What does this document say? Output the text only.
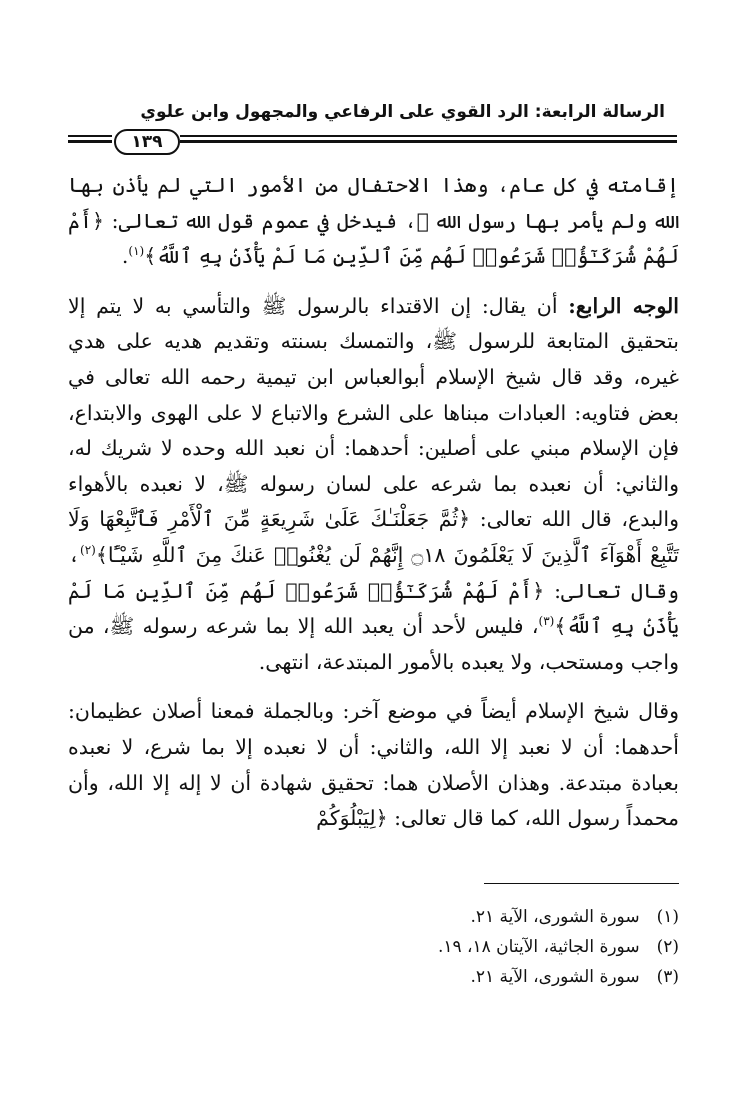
الرسالة الرابعة: الرد القوي على الرفاعي والمجهول وابن علوي
١٣٩

إقامته في كل عام، وهذا الاحتفال من الأمور التي لم يأذن بها الله ولم يأمر بها رسول الله ﷺ، فيدخل في عموم قول الله تعالى: ﴿أَمْ لَهُمْ شُرَكَـٰٓؤُا۟ شَرَعُوا۟ لَهُم مِّنَ ٱلدِّينِ مَا لَمْ يَأْذَنۢ بِهِ ٱللَّهُ﴾$^{(١)}$.

الوجه الرابع: أن يقال: إن الاقتداء بالرسول ﷺ والتأسي به لا يتم إلا بتحقيق المتابعة للرسول ﷺ، والتمسك بسنته وتقديم هديه على هدي غيره، وقد قال شيخ الإسلام أبوالعباس ابن تيمية رحمه الله تعالى في بعض فتاويه: العبادات مبناها على الشرع والاتباع لا على الهوى والابتداع، فإن الإسلام مبني على أصلين: أحدهما: أن نعبد الله وحده لا شريك له، والثاني: أن نعبده بما شرعه على لسان رسوله ﷺ، لا نعبده بالأهواء والبدع، قال الله تعالى: ﴿ثُمَّ جَعَلْنَـٰكَ عَلَىٰ شَرِيعَةٍ مِّنَ ٱلْأَمْرِ فَٱتَّبِعْهَا وَلَا تَتَّبِعْ أَهْوَآءَ ٱلَّذِينَ لَا يَعْلَمُونَ ۝١٨ إِنَّهُمْ لَن يُغْنُوا۟ عَنكَ مِنَ ٱللَّهِ شَيْـًٔا﴾$^{(٢)}$، وقال تعالى: ﴿أَمْ لَهُمْ شُرَكَـٰٓؤُا۟ شَرَعُوا۟ لَهُم مِّنَ ٱلدِّينِ مَا لَمْ يَأْذَنۢ بِهِ ٱللَّهُ﴾$^{(٣)}$، فليس لأحد أن يعبد الله إلا بما شرعه رسوله ﷺ، من واجب ومستحب، ولا يعبده بالأمور المبتدعة، انتهى.

وقال شيخ الإسلام أيضاً في موضع آخر: وبالجملة فمعنا أصلان عظيمان: أحدهما: أن لا نعبد إلا الله، والثاني: أن لا نعبده إلا بما شرع، لا نعبده بعبادة مبتدعة. وهذان الأصلان هما: تحقيق شهادة أن لا إله إلا الله، وأن محمداً رسول الله، كما قال تعالى: ﴿لِيَبْلُوَكُمْ

(١) سورة الشورى، الآية ٢١.
(٢) سورة الجاثية، الآيتان ١٨، ١٩.
(٣) سورة الشورى، الآية ٢١.
